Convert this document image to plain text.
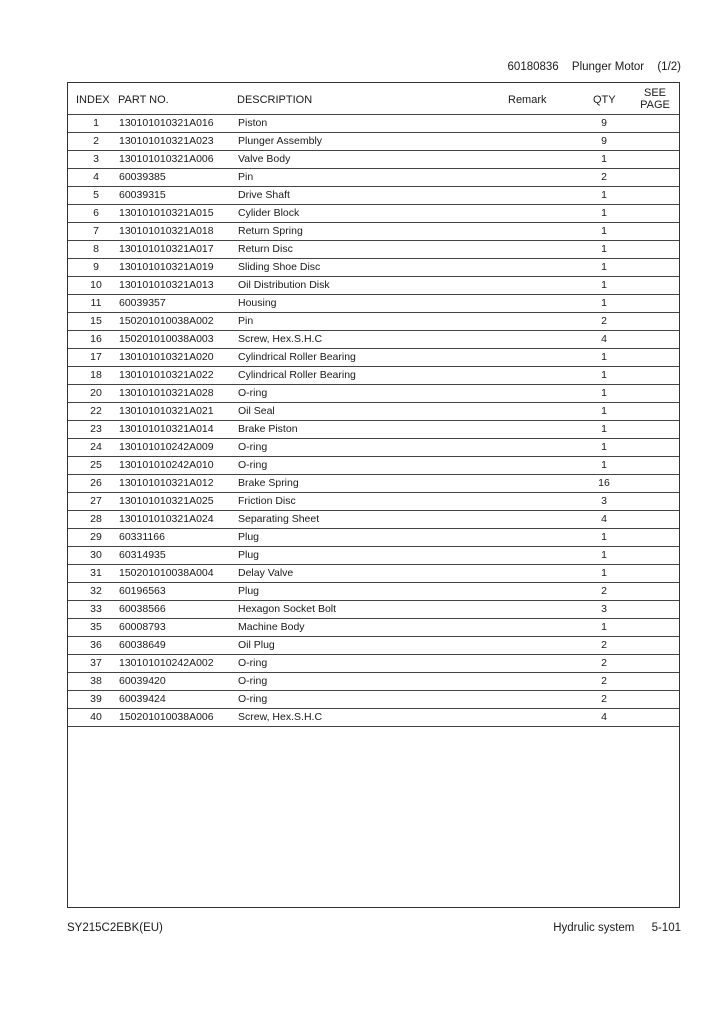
60180836 Plunger Motor (1/2)
INDEX PART NO.	DESCRIPTION	Remark	QTY
SEE
PAGE
1	130101010321A016 Piston	9
2	130101010321A023 Plunger Assembly	9
3	130101010321A006 Valve Body	1
4	60039385	Pin	2
5	60039315	Drive Shaft	1
6	130101010321A015 Cylider Block	1
7	130101010321A018 Return Spring	1
8	130101010321A017 Return Disc	1
9	130101010321A019 Sliding Shoe Disc	1
10	130101010321A013 Oil Distribution Disk	1
11	60039357	Housing	1
15	150201010038A002 Pin	2
16	150201010038A003 Screw, Hex.S.H.C	4
17	130101010321A020 Cylindrical Roller Bearing	1
18	130101010321A022 Cylindrical Roller Bearing	1
20	130101010321A028 O-ring	1
22	130101010321A021 Oil Seal	1
23	130101010321A014 Brake Piston	1
24	130101010242A009 O-ring	1
25	130101010242A010 O-ring	1
26	130101010321A012 Brake Spring	16
27	130101010321A025 Friction Disc	3
28	130101010321A024 Separating Sheet	4
29	60331166	Plug	1
30	60314935	Plug	1
31	150201010038A004 Delay Valve	1
32	60196563	Plug	2
33	60038566	Hexagon Socket Bolt	3
35	60008793	Machine Body	1
36	60038649	Oil Plug	2
37	130101010242A002 O-ring	2
38	60039420	O-ring	2
39	60039424	O-ring	2
40	150201010038A006 Screw, Hex.S.H.C	4
SY215C2EBK(EU)	Hydrulic system 5-101
